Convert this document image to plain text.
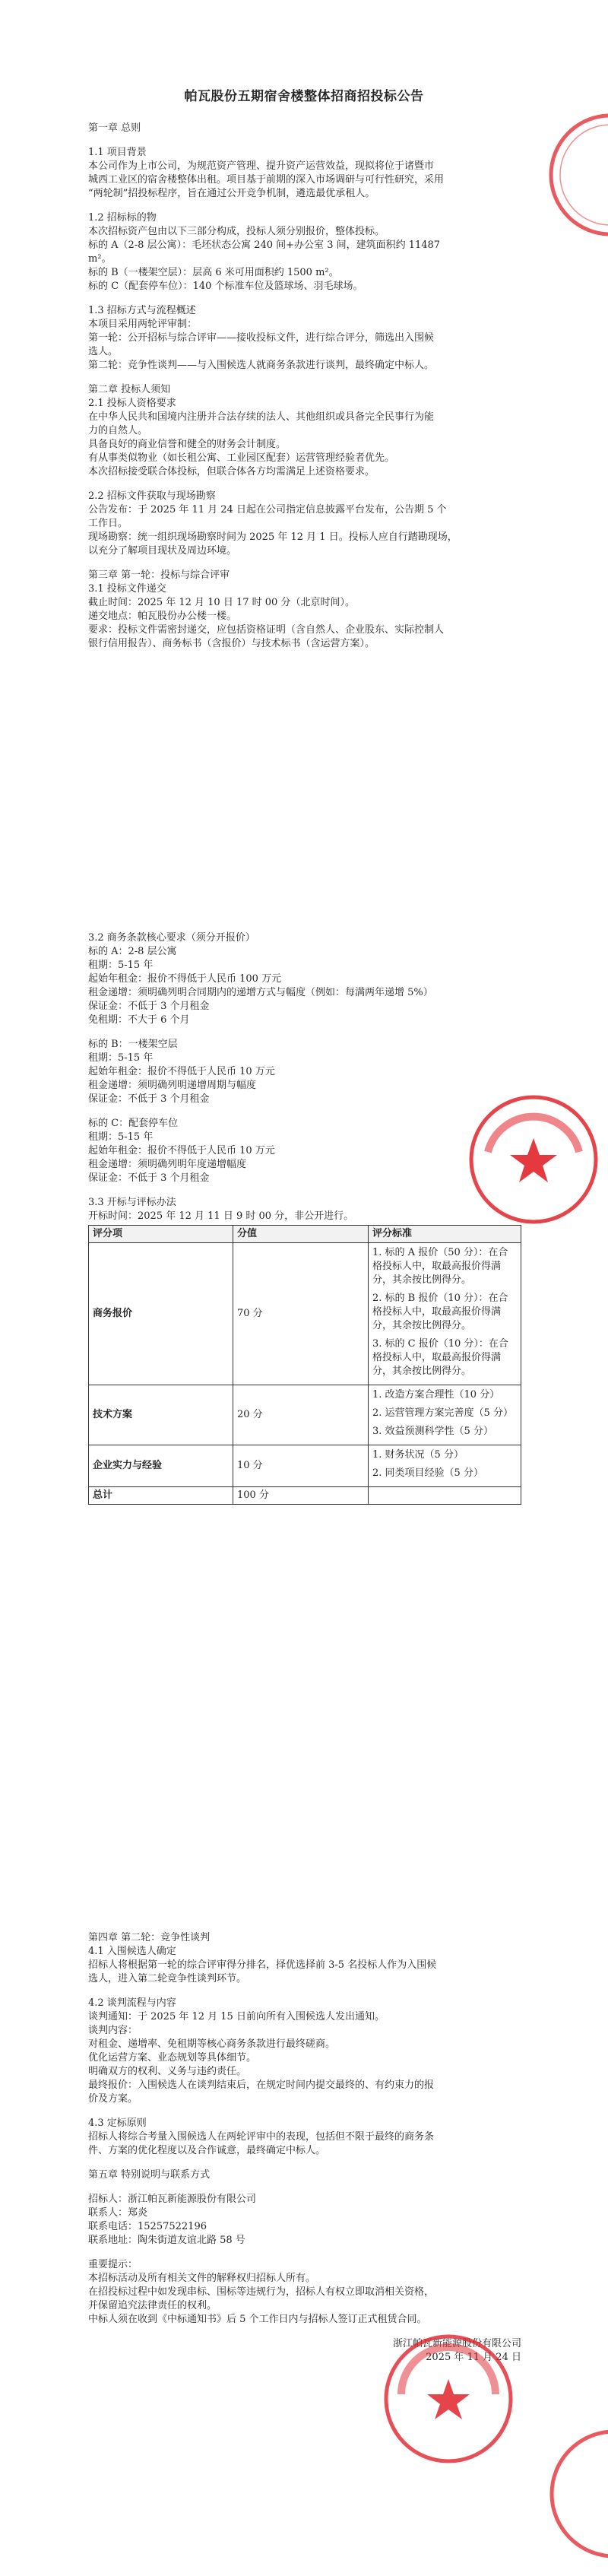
帕瓦股份五期宿舍楼整体招商招投标公告

第一章 总则

1.1 项目背景

本公司作为上市公司，为规范资产管理、提升资产运营效益，现拟将位于诸暨市

城西工业区的宿舍楼整体出租。项目基于前期的深入市场调研与可行性研究，采用

“两轮制”招投标程序，旨在通过公开竞争机制，遴选最优承租人。

1.2 招标标的物

本次招标资产包由以下三部分构成，投标人须分别报价，整体投标。

标的 A（2-8 层公寓）：毛坯状态公寓 240 间+办公室 3 间，建筑面积约 11487

m²。

标的 B（一楼架空层）：层高 6 米可用面积约 1500 m²。

标的 C（配套停车位）：140 个标准车位及篮球场、羽毛球场。

1.3 招标方式与流程概述

本项目采用两轮评审制：

第一轮：公开招标与综合评审——接收投标文件，进行综合评分，筛选出入围候

选人。

第二轮：竞争性谈判——与入围候选人就商务条款进行谈判，最终确定中标人。

第二章 投标人须知

2.1 投标人资格要求

在中华人民共和国境内注册并合法存续的法人、其他组织或具备完全民事行为能

力的自然人。

具备良好的商业信誉和健全的财务会计制度。

有从事类似物业（如长租公寓、工业园区配套）运营管理经验者优先。

本次招标接受联合体投标，但联合体各方均需满足上述资格要求。

2.2 招标文件获取与现场勘察

公告发布：于 2025 年 11 月 24 日起在公司指定信息披露平台发布，公告期 5 个

工作日。

现场勘察：统一组织现场勘察时间为 2025 年 12 月 1 日。投标人应自行踏勘现场，

以充分了解项目现状及周边环境。

第三章 第一轮：投标与综合评审

3.1 投标文件递交

截止时间：2025 年 12 月 10 日 17 时 00 分（北京时间）。

递交地点：帕瓦股份办公楼一楼。

要求：投标文件需密封递交，应包括资格证明（含自然人、企业股东、实际控制人

银行信用报告）、商务标书（含报价）与技术标书（含运营方案）。

3.2 商务条款核心要求（须分开报价）

标的 A：2-8 层公寓

租期：5-15 年

起始年租金：报价不得低于人民币 100 万元

租金递增：须明确列明合同期内的递增方式与幅度（例如：每满两年递增 5%）

保证金：不低于 3 个月租金

免租期：不大于 6 个月

标的 B：一楼架空层

租期：5-15 年

起始年租金：报价不得低于人民币 10 万元

租金递增：须明确列明递增周期与幅度

保证金：不低于 3 个月租金

标的 C：配套停车位

租期：5-15 年

起始年租金：报价不得低于人民币 10 万元

租金递增：须明确列明年度递增幅度

保证金：不低于 3 个月租金

3.3 开标与评标办法

开标时间：2025 年 12 月 11 日 9 时 00 分，非公开进行。

评分项	分值	评分标准
商务报价	70 分	1. 标的 A 报价（50 分）：在合格投标人中，取最高报价得满分，其余按比例得分。
2. 标的 B 报价（10 分）：在合格投标人中，取最高报价得满分，其余按比例得分。
3. 标的 C 报价（10 分）：在合格投标人中，取最高报价得满分，其余按比例得分。

技术方案	20 分	1. 改造方案合理性（10 分）
2. 运营管理方案完善度（5 分）
3. 效益预测科学性（5 分）

企业实力与经验	10 分	1. 财务状况（5 分）
2. 同类项目经验（5 分）

总计	100 分	

第四章 第二轮：竞争性谈判

4.1 入围候选人确定

招标人将根据第一轮的综合评审得分排名，择优选择前 3-5 名投标人作为入围候

选人，进入第二轮竞争性谈判环节。

4.2 谈判流程与内容

谈判通知：于 2025 年 12 月 15 日前向所有入围候选人发出通知。

谈判内容：

对租金、递增率、免租期等核心商务条款进行最终磋商。

优化运营方案、业态规划等具体细节。

明确双方的权利、义务与违约责任。

最终报价：入围候选人在谈判结束后，在规定时间内提交最终的、有约束力的报

价及方案。

4.3 定标原则

招标人将综合考量入围候选人在两轮评审中的表现，包括但不限于最终的商务条

件、方案的优化程度以及合作诚意，最终确定中标人。

第五章 特别说明与联系方式

招标人：浙江帕瓦新能源股份有限公司

联系人：郑炎

联系电话：15257522196

联系地址：陶朱街道友谊北路 58 号

重要提示：

本招标活动及所有相关文件的解释权归招标人所有。

在招投标过程中如发现串标、围标等违规行为，招标人有权立即取消相关资格，

并保留追究法律责任的权利。

中标人须在收到《中标通知书》后 5 个工作日内与招标人签订正式租赁合同。

浙江帕瓦新能源股份有限公司

2025 年 11 月 24 日
